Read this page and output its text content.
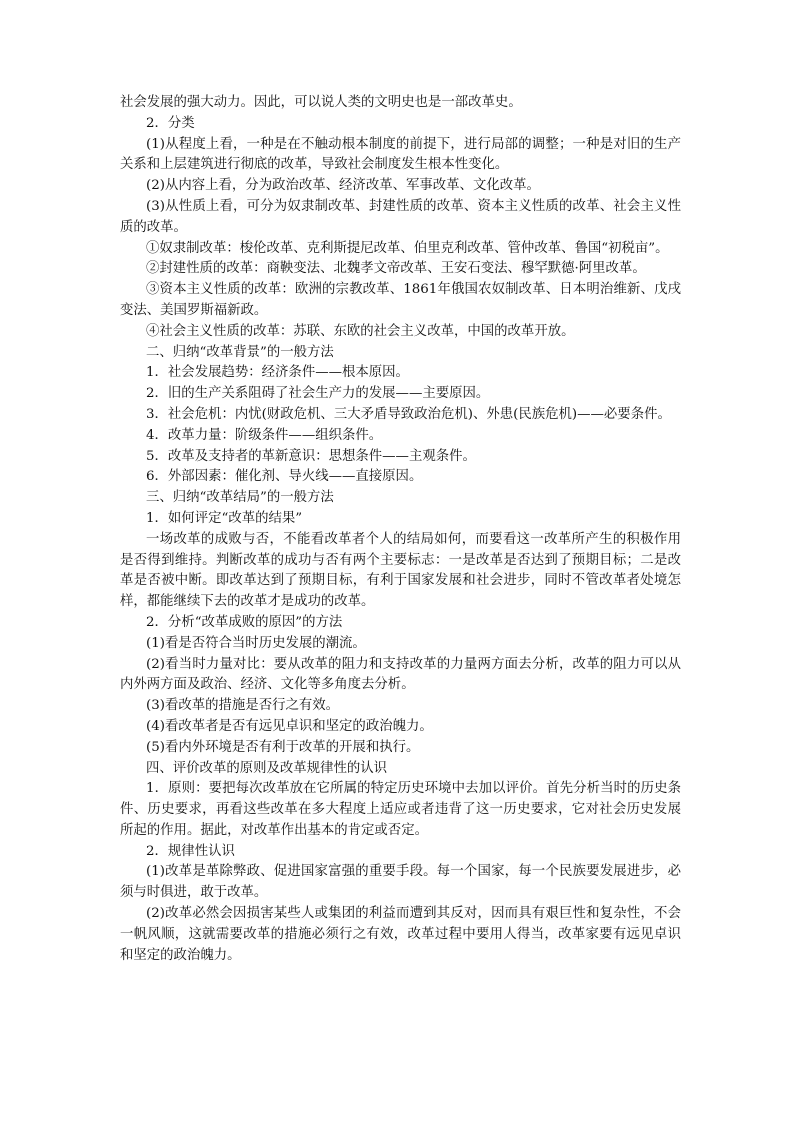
社会发展的强大动力。因此，可以说人类的文明史也是一部改革史。

2．分类

(1)从程度上看，一种是在不触动根本制度的前提下，进行局部的调整；一种是对旧的生产关系和上层建筑进行彻底的改革，导致社会制度发生根本性变化。

(2)从内容上看，分为政治改革、经济改革、军事改革、文化改革。

(3)从性质上看，可分为奴隶制改革、封建性质的改革、资本主义性质的改革、社会主义性质的改革。

①奴隶制改革：梭伦改革、克利斯提尼改革、伯里克利改革、管仲改革、鲁国“初税亩”。

②封建性质的改革：商鞅变法、北魏孝文帝改革、王安石变法、穆罕默德·阿里改革。

③资本主义性质的改革：欧洲的宗教改革、1861年俄国农奴制改革、日本明治维新、戊戌变法、美国罗斯福新政。

④社会主义性质的改革：苏联、东欧的社会主义改革，中国的改革开放。

二、归纳“改革背景”的一般方法

1．社会发展趋势：经济条件——根本原因。

2．旧的生产关系阻碍了社会生产力的发展——主要原因。

3．社会危机：内忧(财政危机、三大矛盾导致政治危机)、外患(民族危机)——必要条件。

4．改革力量：阶级条件——组织条件。

5．改革及支持者的革新意识：思想条件——主观条件。

6．外部因素：催化剂、导火线——直接原因。

三、归纳“改革结局”的一般方法

1．如何评定“改革的结果”

一场改革的成败与否，不能看改革者个人的结局如何，而要看这一改革所产生的积极作用是否得到维持。判断改革的成功与否有两个主要标志：一是改革是否达到了预期目标；二是改革是否被中断。即改革达到了预期目标，有利于国家发展和社会进步，同时不管改革者处境怎样，都能继续下去的改革才是成功的改革。

2．分析“改革成败的原因”的方法

(1)看是否符合当时历史发展的潮流。

(2)看当时力量对比：要从改革的阻力和支持改革的力量两方面去分析，改革的阻力可以从内外两方面及政治、经济、文化等多角度去分析。

(3)看改革的措施是否行之有效。

(4)看改革者是否有远见卓识和坚定的政治魄力。

(5)看内外环境是否有利于改革的开展和执行。

四、评价改革的原则及改革规律性的认识

1．原则：要把每次改革放在它所属的特定历史环境中去加以评价。首先分析当时的历史条件、历史要求，再看这些改革在多大程度上适应或者违背了这一历史要求，它对社会历史发展所起的作用。据此，对改革作出基本的肯定或否定。

2．规律性认识

(1)改革是革除弊政、促进国家富强的重要手段。每一个国家，每一个民族要发展进步，必须与时俱进，敢于改革。

(2)改革必然会因损害某些人或集团的利益而遭到其反对，因而具有艰巨性和复杂性，不会一帆风顺，这就需要改革的措施必须行之有效，改革过程中要用人得当，改革家要有远见卓识和坚定的政治魄力。
